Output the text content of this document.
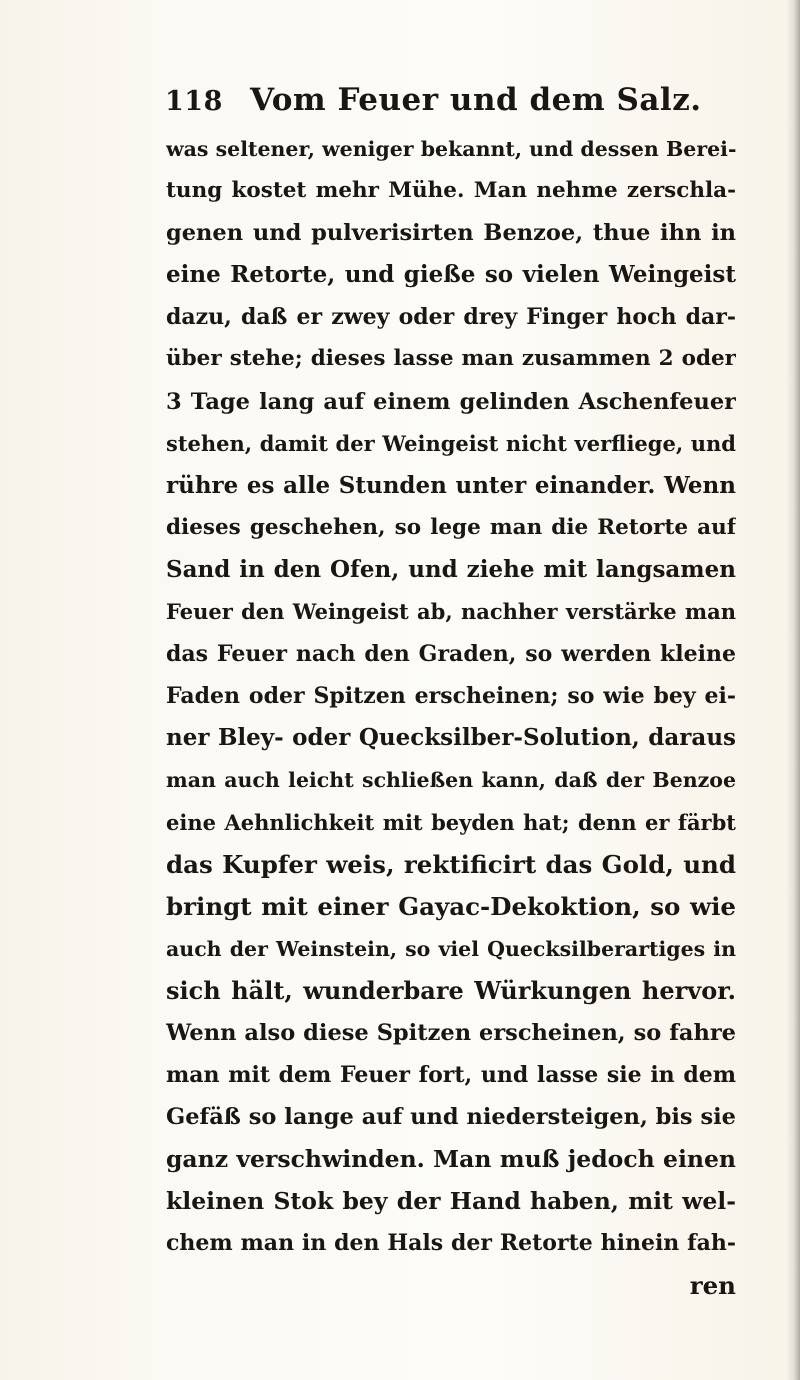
118 Vom Feuer und dem Salz.
was seltener, weniger bekannt, und dessen Berei-
tung kostet mehr Mühe. Man nehme zerschla-
genen und pulverisirten Benzoe, thue ihn in
eine Retorte, und gieße so vielen Weingeist
dazu, daß er zwey oder drey Finger hoch dar-
über stehe; dieses lasse man zusammen 2 oder
3 Tage lang auf einem gelinden Aschenfeuer
stehen, damit der Weingeist nicht verfliege, und
rühre es alle Stunden unter einander. Wenn
dieses geschehen, so lege man die Retorte auf
Sand in den Ofen, und ziehe mit langsamen
Feuer den Weingeist ab, nachher verstärke man
das Feuer nach den Graden, so werden kleine
Faden oder Spitzen erscheinen; so wie bey ei-
ner Bley- oder Quecksilber-Solution, daraus
man auch leicht schließen kann, daß der Benzoe
eine Aehnlichkeit mit beyden hat; denn er färbt
das Kupfer weis, rektificirt das Gold, und
bringt mit einer Gayac-Dekoktion, so wie
auch der Weinstein, so viel Quecksilberartiges in
sich hält, wunderbare Würkungen hervor.
Wenn also diese Spitzen erscheinen, so fahre
man mit dem Feuer fort, und lasse sie in dem
Gefäß so lange auf und niedersteigen, bis sie
ganz verschwinden. Man muß jedoch einen
kleinen Stok bey der Hand haben, mit wel-
chem man in den Hals der Retorte hinein fah-
ren
